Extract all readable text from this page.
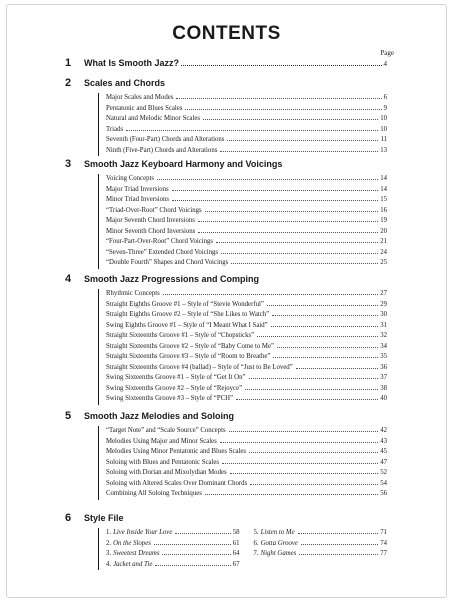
CONTENTS
Page
1 What Is Smooth Jazz?	4
2 Scales and Chords
Major Scales and Modes	6
Pentatonic and Blues Scales	9
Natural and Melodic Minor Scales	10
Triads	10
Seventh (Four-Part) Chords and Alterations	11
Ninth (Five-Part) Chords and Alterations	13
3 Smooth Jazz Keyboard Harmony and Voicings
Voicing Concepts	14
Major Triad Inversions	14
Minor Triad Inversions	15
“Triad-Over-Root” Chord Voicings	16
Major Seventh Chord Inversions	19
Minor Seventh Chord Inversions	20
“Four-Part-Over-Root” Chord Voicings	21
“Seven-Three” Extended Chord Voicings	24
“Double Fourth” Shapes and Chord Voicings	25
4 Smooth Jazz Progressions and Comping
Rhythmic Concepts	27
Straight Eighths Groove #1 – Style of “Stevie Wonderful”	29
Straight Eighths Groove #2 – Style of “She Likes to Watch”	30
Swing Eighths Groove #1 – Style of “I Meant What I Said”	31
Straight Sixteenths Groove #1 – Style of “Chopsticks”	32
Straight Sixteenths Groove #2 – Style of “Baby Come to Me”	34
Straight Sixteenths Groove #3 – Style of “Room to Breathe”	35
Straight Sixteenths Groove #4 (ballad) – Style of “Just to Be Loved”	36
Swing Sixteenths Groove #1 – Style of “Get It On”	37
Swing Sixteenths Groove #2 – Style of “Rejoyce”	38
Swing Sixteenths Groove #3 – Style of “PCH”	40
5 Smooth Jazz Melodies and Soloing
“Target Note” and “Scale Source” Concepts	42
Melodies Using Major and Minor Scales	43
Melodies Using Minor Pentatonic and Blues Scales	45
Soloing with Blues and Pentatonic Scales	47
Soloing with Dorian and Mixolydian Modes	52
Soloing with Altered Scales Over Dominant Chords	54
Combining All Soloing Techniques	56
6 Style File
1. Live Inside Your Love	58
2. On the Slopes	61
3. Sweetest Dreams	64
4. Jacket and Tie	67
5. Listen to Me	71
6. Gotta Groove	74
7. Night Games	77
